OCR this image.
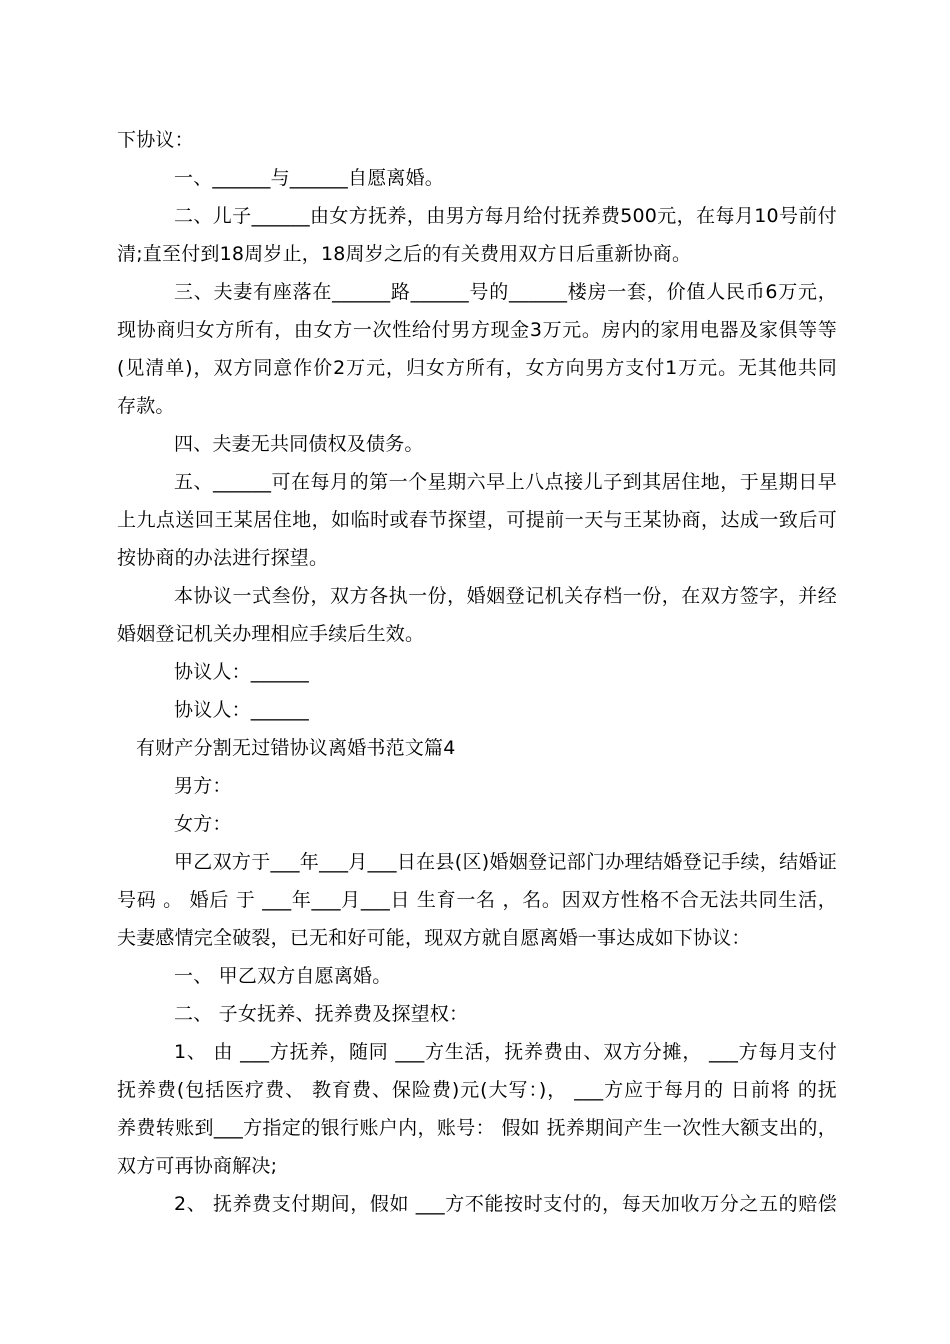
下协议：
一、______与______自愿离婚。
二、儿子______由女方抚养，由男方每月给付抚养费500元，在每月10号前付
清;直至付到18周岁止，18周岁之后的有关费用双方日后重新协商。
三、夫妻有座落在______路______号的______楼房一套，价值人民币6万元，
现协商归女方所有，由女方一次性给付男方现金3万元。房内的家用电器及家俱等等
(见清单)，双方同意作价2万元，归女方所有，女方向男方支付1万元。无其他共同
存款。
四、夫妻无共同债权及债务。
五、______可在每月的第一个星期六早上八点接儿子到其居住地，于星期日早
上九点送回王某居住地，如临时或春节探望，可提前一天与王某协商，达成一致后可
按协商的办法进行探望。
本协议一式叁份，双方各执一份，婚姻登记机关存档一份，在双方签字，并经
婚姻登记机关办理相应手续后生效。
协议人：______
协议人：______
有财产分割无过错协议离婚书范文篇4
男方：
女方：
甲乙双方于___年___月___日在县(区)婚姻登记部门办理结婚登记手续，结婚证
号码 。 婚后 于 ___年___月___日 生育一名 ，名。因双方性格不合无法共同生活，
夫妻感情完全破裂，已无和好可能，现双方就自愿离婚一事达成如下协议：
一、 甲乙双方自愿离婚。
二、 子女抚养、抚养费及探望权：
1、 由 ___方抚养，随同 ___方生活，抚养费由、双方分摊， ___方每月支付
抚养费(包括医疗费、 教育费、保险费)元(大写：)， ___方应于每月的 日前将 的抚
养费转账到___方指定的银行账户内，账号： 假如 抚养期间产生一次性大额支出的，
双方可再协商解决;
2、 抚养费支付期间，假如 ___方不能按时支付的，每天加收万分之五的赔偿
